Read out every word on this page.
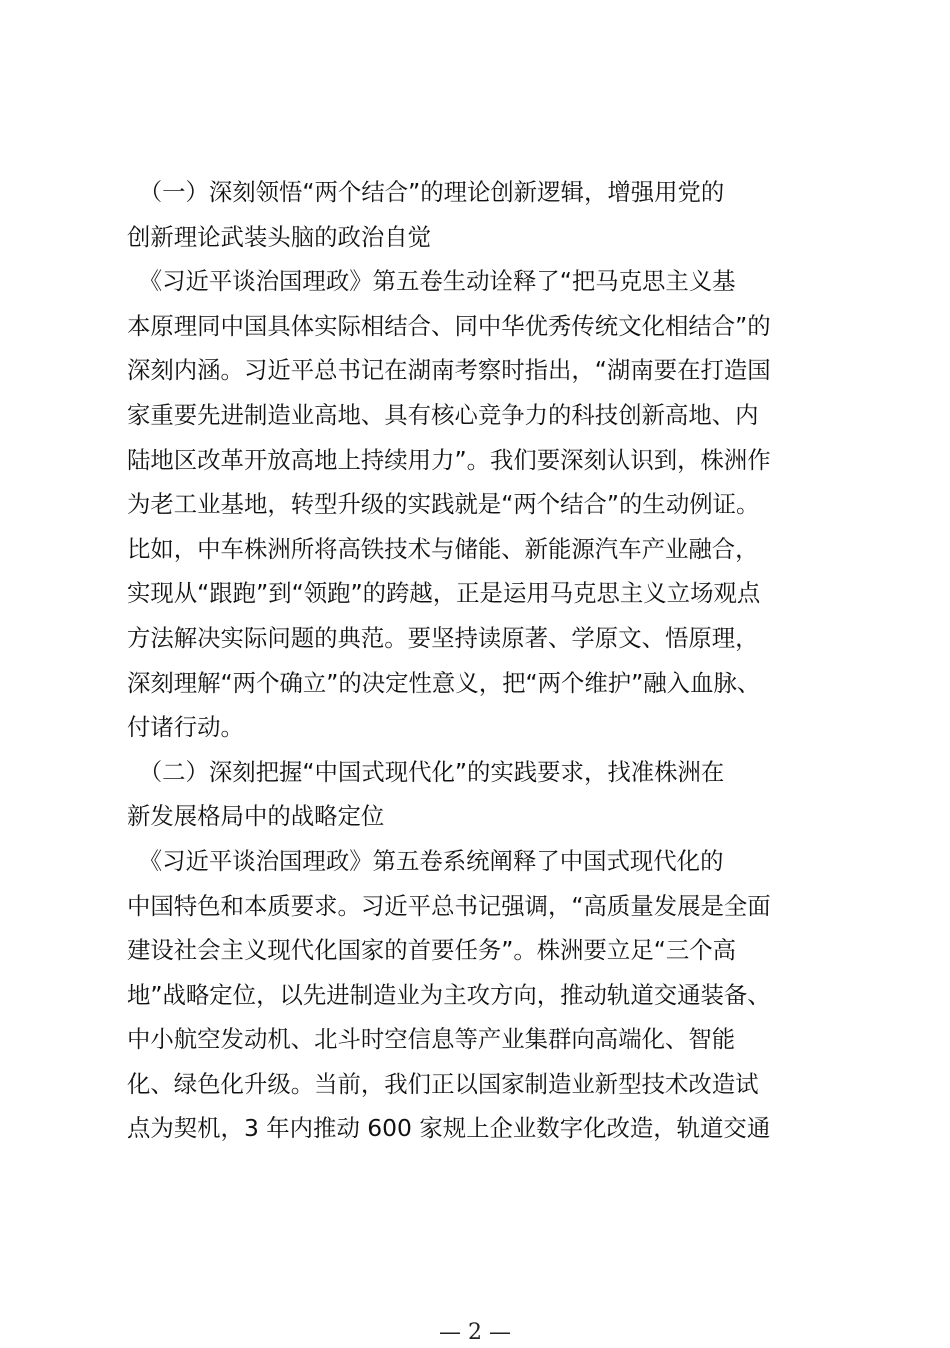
　（一）深刻领悟“两个结合”的理论创新逻辑，增强用党的
创新理论武装头脑的政治自觉
　《习近平谈治国理政》第五卷生动诠释了“把马克思主义基
本原理同中国具体实际相结合、同中华优秀传统文化相结合”的
深刻内涵。习近平总书记在湖南考察时指出，“湖南要在打造国
家重要先进制造业高地、具有核心竞争力的科技创新高地、内
陆地区改革开放高地上持续用力”。我们要深刻认识到，株洲作
为老工业基地，转型升级的实践就是“两个结合”的生动例证。
比如，中车株洲所将高铁技术与储能、新能源汽车产业融合，
实现从“跟跑”到“领跑”的跨越，正是运用马克思主义立场观点
方法解决实际问题的典范。要坚持读原著、学原文、悟原理，
深刻理解“两个确立”的决定性意义，把“两个维护”融入血脉、
付诸行动。
　（二）深刻把握“中国式现代化”的实践要求，找准株洲在
新发展格局中的战略定位
　《习近平谈治国理政》第五卷系统阐释了中国式现代化的
中国特色和本质要求。习近平总书记强调，“高质量发展是全面
建设社会主义现代化国家的首要任务”。株洲要立足“三个高
地”战略定位，以先进制造业为主攻方向，推动轨道交通装备、
中小航空发动机、北斗时空信息等产业集群向高端化、智能
化、绿色化升级。当前，我们正以国家制造业新型技术改造试
点为契机，3 年内推动 600 家规上企业数字化改造，轨道交通
— 2 —
